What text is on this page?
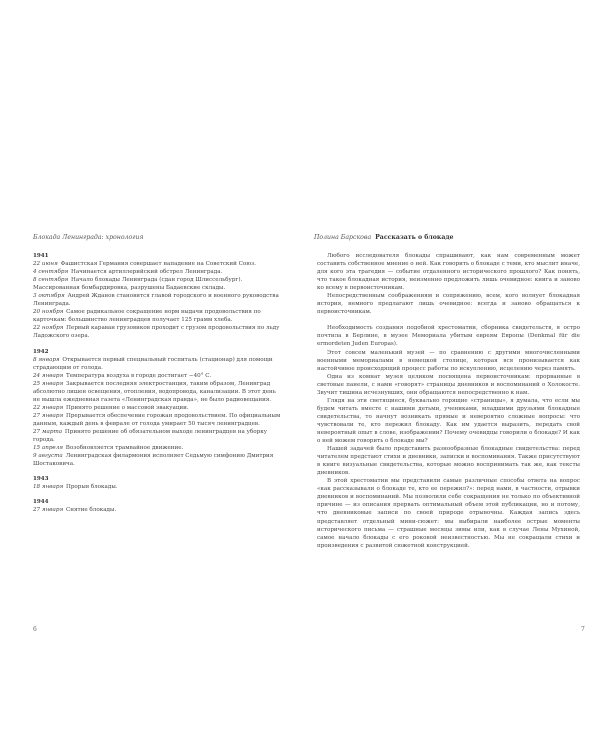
Блокада Ленинграда: хронология
1941
22 июня  Фашистская Германия совершает нападение на Советский Союз.
4 сентября  Начинается артиллерийский обстрел Ленинграда.
8 сентября  Начало блокады Ленинграда (сдан город Шлиссельбург). Массированная бомбардировка, разрушены Бадаевские склады.
3 октября  Андрей Жданов становится главой городского и военного руководства Ленинграда.
20 ноября  Самое радикальное сокращение норм выдачи продовольствия по карточкам: большинство ленинградцев получает 125 грамм хлеба.
22 ноября  Первый караван грузовиков проходит с грузом продовольствия по льду Ладожского озера.
1942
8 января  Открывается первый специальный госпиталь (стационар) для помощи страдающим от голода.
24 января  Температура воздуха в городе достигает −40° С.
25 января  Закрывается последняя электростанция, таким образом, Ленинград абсолютно лишен освещения, отопления, водопровода, канализации. В этот день не вышла ежедневная газета «Ленинградская правда», не было радиовещания.
22 января  Принято решение о массовой эвакуации.
27 января  Прерывается обеспечение горожан продовольствием. По официальным данным, каждый день в феврале от голода умирает 50 тысяч ленинградцев.
27 марта  Принято решение об обязательном выходе ленинградцев на уборку города.
15 апреля  Возобновляется трамвайное движение.
9 августа  Ленинградская филармония исполняет Седьмую симфонию Дмитрия Шостаковича.
1943
18 января  Прорыв блокады.
1944
27 января  Снятие блокады.
6
Полина Барскова Рассказать о блокаде

Любого исследователя блокады спрашивают, как нам современным может составить собственное мнение о ней. Как говорить о блокаде с теми, кто мыслит иначе, для кого эта трагедия — событие отдаленного исторического прошлого? Как понять, что такое блокадная история, неизменно предложить лишь очевидное: книга и заново ко всему в первоисточникам.

Непосредственным соображениям и сопряжению, всем, кого волнует блокадная история, немного предлагают лишь очевидное: всегда и заново обращаться к первоисточникам.

Необходимость создания подобной хрестоматии, сборника свидетельств, я остро почтила в Берлине, в музее Мемориала убитым евреям Европы (Denkmal für die ermordeten Juden Europas).

Этот совсем маленький музей — по сравнению с другими многочисленными военными мемориалами в немецкой столице, которая вся пронизывается как настойчивое происходящий процесс работы по искуплению, исцелению через память.

Одна из комнат музея целиком посвящена первоисточникам: прорванные в световые панели, с нами «говорят» страницы дневников и воспоминаний о Холокосте. Звучит тишина исчезнувших, они обращаются непосредственно к нам.

Глядя на эти светящиеся, буквально горящие «страницы», я думала, что если мы будем читать вместе с нашими детьми, учениками, младшими друзьями блокадные свидетельства, то начнут возникать прямые и невероятно сложные вопросы: что чувствовали те, кто пережил блокаду. Как им удается выразить, передать свой невероятный опыт в слове, изображении? Почему очевидцы говорили о блокаде? И как о ней можем говорить о блокаде мы?

Нашей задачей было представить разнообразные блокадные свидетельства: перед читателем предстают стихи и дневники, записки и воспоминания. Также присутствуют в книге визуальные свидетельства, которые можно воспринимать так же, как тексты дневников.

В этой хрестоматии мы представили самые различные способы ответа на вопрос «как рассказывали о блокаде те, кто ее пережил?»: перед нами, в частности, отрывки дневников и воспоминаний. Мы позволили себе сокращения не только по объективной причине — из описания прервать оптимальный объем этой публикации, но и потому, что дневниковые записи по своей природе отрывочны. Каждая запись здесь представляет отдельный мини-сюжет: мы выбирали наиболее острые моменты исторического письма — страшные месяцы зимы или, как в случае Лены Мухиной, самое начало блокады с его роковой неизвестностью. Мы не сокращали стихи и произведения с развитой сюжетной конструкцией.

7
